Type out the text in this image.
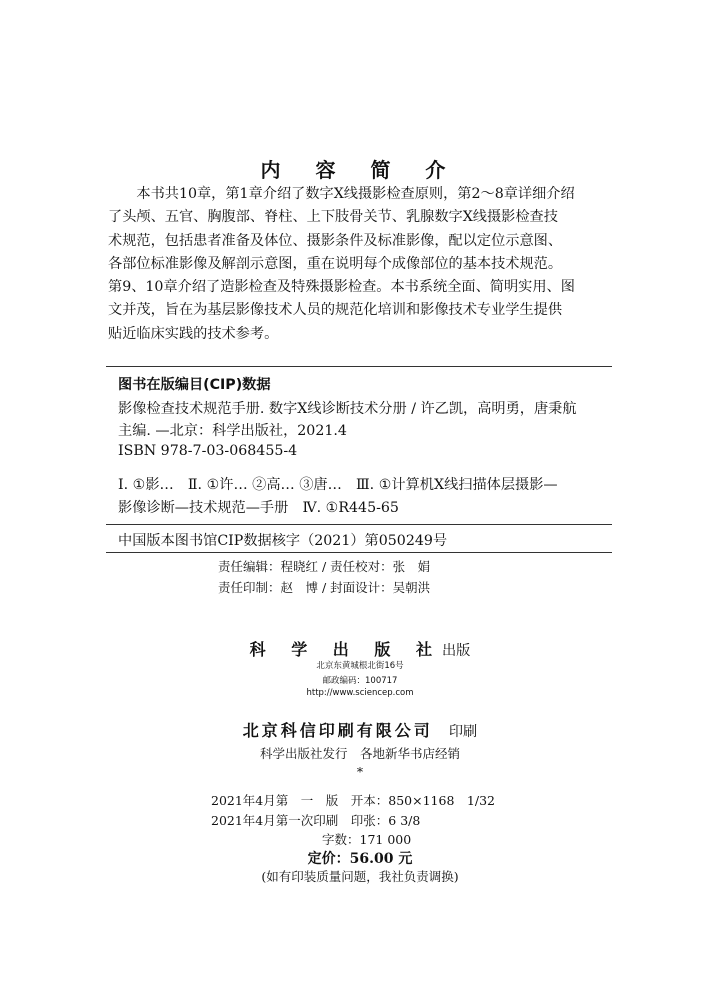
内 容 简 介
　　本书共10章，第1章介绍了数字X线摄影检查原则，第2～8章详细介绍
了头颅、五官、胸腹部、脊柱、上下肢骨关节、乳腺数字X线摄影检查技
术规范，包括患者准备及体位、摄影条件及标准影像，配以定位示意图、
各部位标准影像及解剖示意图，重在说明每个成像部位的基本技术规范。
第9、10章介绍了造影检查及特殊摄影检查。本书系统全面、简明实用、图
文并茂，旨在为基层影像技术人员的规范化培训和影像技术专业学生提供
贴近临床实践的技术参考。
图书在版编目(CIP)数据
影像检查技术规范手册. 数字X线诊断技术分册 / 许乙凯，高明勇，唐秉航
主编. —北京：科学出版社，2021.4
ISBN 978-7-03-068455-4
Ⅰ. ①影…　Ⅱ. ①许… ②高… ③唐…　Ⅲ. ①计算机X线扫描体层摄影—
影像诊断—技术规范—手册　Ⅳ. ①R445-65
中国版本图书馆CIP数据核字（2021）第050249号
责任编辑：程晓红 / 责任校对：张　娟
责任印制：赵　博 / 封面设计：吴朝洪
科 学 出 版 社出版
北京东黄城根北街16号
邮政编码：100717
http://www.sciencep.com
北京科信印刷有限公司　 印刷
科学出版社发行　各地新华书店经销
*
2021年4月第　一　版　开本：850×1168　1/32
2021年4月第一次印刷　印张：6 3/8
字数：171 000
定价：56.00 元
(如有印装质量问题，我社负责调换)
